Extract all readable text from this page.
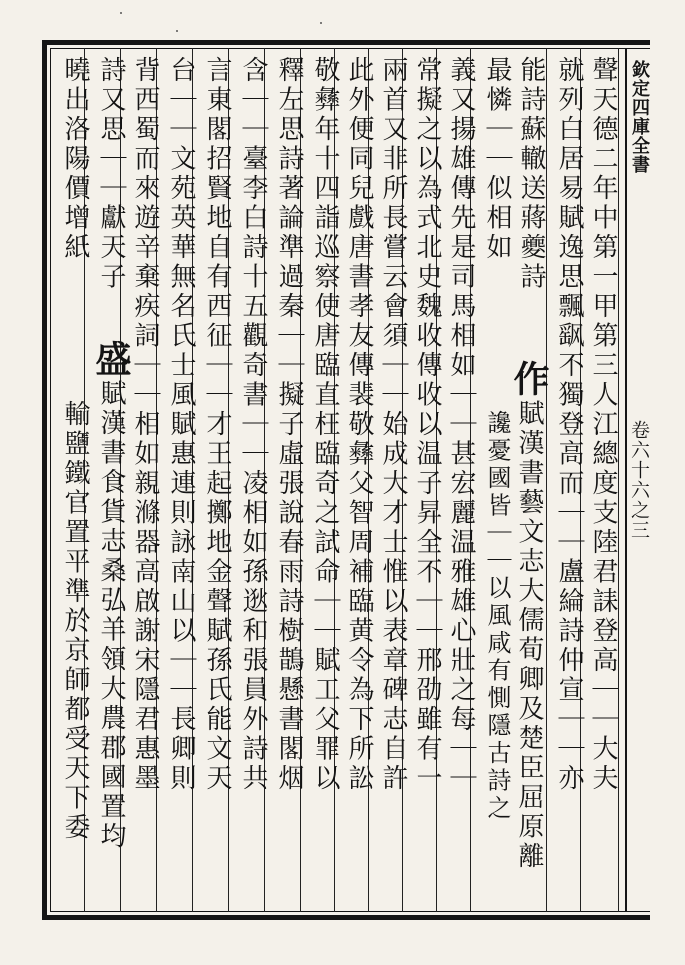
欽定四庫全書
卷六十六之三
聲天德二年中第一甲第三人江總度支陸君誄登高｜｜大夫
就列白居易賦逸思飄飖不獨登高而｜｜盧綸詩仲宣｜｜亦
能詩蘇轍送蔣夔詩
作賦漢書藝文志大儒荀卿及楚臣屈原離
最憐｜｜似相如
讒憂國皆｜｜以風咸有惻隱古詩之
義又揚雄傳先是司馬相如｜｜甚宏麗温雅雄心壯之每｜｜
常擬之以為式北史魏收傳收以温子昇全不｜｜邢劭雖有一
兩首又非所長嘗云會須｜｜始成大才士惟以表章碑志自許
此外便同兒戲唐書孝友傳裴敬彝父智周補臨黄令為下所訟
敬彝年十四詣巡察使唐臨直枉臨奇之試命｜｜賦工父罪以
釋左思詩著論準過秦｜｜擬子虛張說春雨詩樹鵲懸書閣烟
含｜｜臺李白詩十五觀奇書｜｜凌相如孫逖和張員外詩共
言東閣招賢地自有西征｜｜才王起擲地金聲賦孫氏能文天
台｜｜文苑英華無名氏士風賦惠連則詠南山以｜｜長卿則
背西蜀而來遊辛棄疾詞｜｜相如親滌器高啟謝宋隱君惠墨
詩又思｜｜獻天子
盛賦漢書食貨志桑弘羊領大農郡國置均
曉出洛陽價增紙
輸鹽鐵官置平準於京師都受天下委
